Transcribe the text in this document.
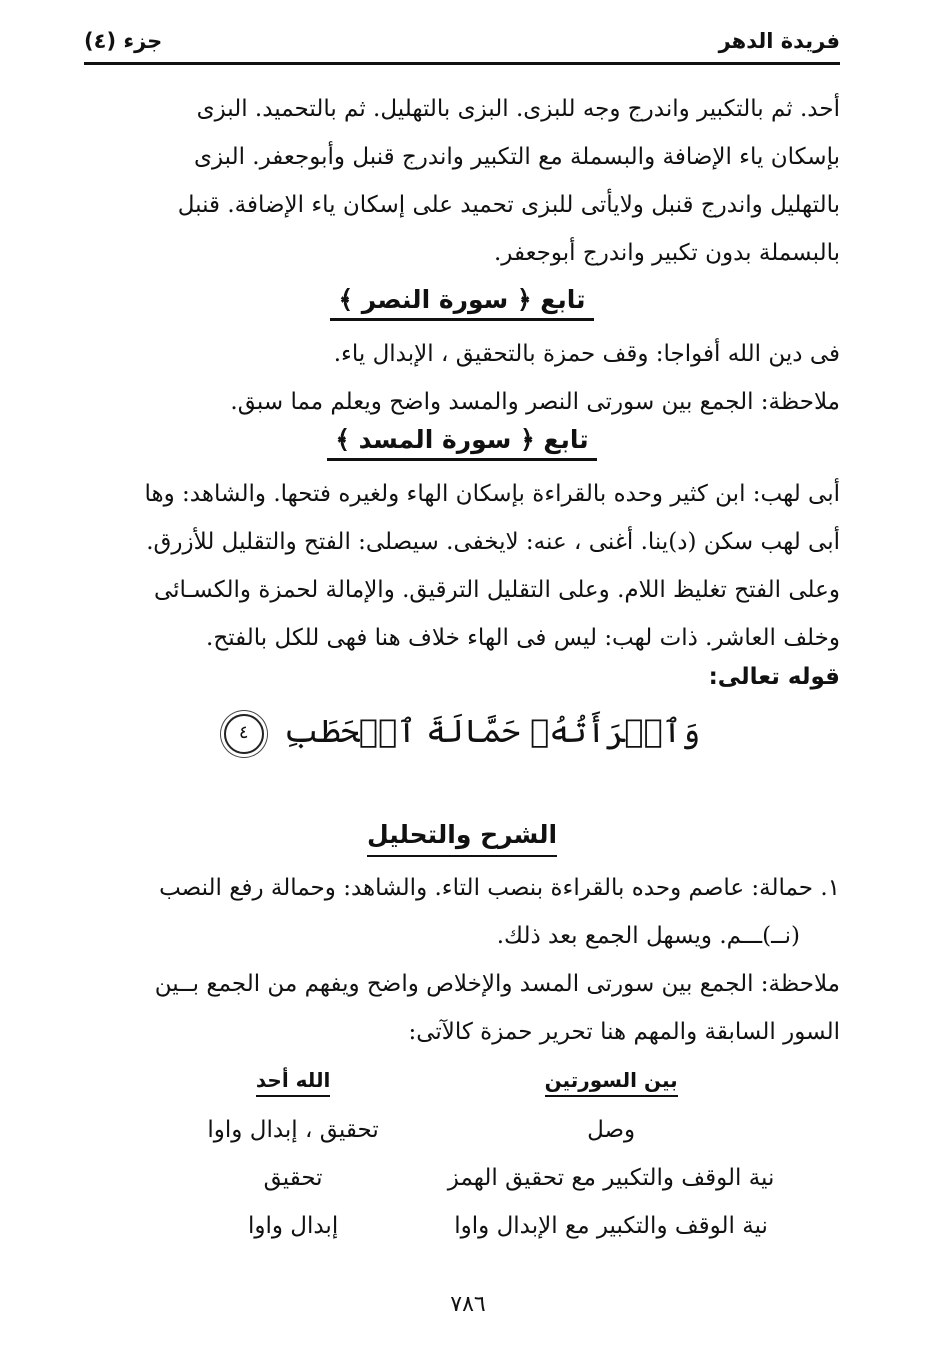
فريدة الدهر
جزء (٤)
أحد. ثم بالتكبير واندرج وجه للبزى. البزى بالتهليل. ثم بالتحميد. البزى
بإسكان ياء الإضافة والبسملة مع التكبير واندرج قنبل وأبوجعفر. البزى
بالتهليل واندرج قنبل ولايأتى للبزى تحميد على إسكان ياء الإضافة. قنبل
بالبسملة بدون تكبير واندرج أبوجعفر.
تابع ﴿ سورة النصر ﴾
فى دين الله أفواجا: وقف حمزة بالتحقيق ، الإبدال ياء.
ملاحظة: الجمع بين سورتى النصر والمسد واضح ويعلم مما سبق.
تابع ﴿ سورة المسد ﴾
أبى لهب: ابن كثير وحده بالقراءة بإسكان الهاء ولغيره فتحها. والشاهد: وها
أبى لهب سكن (د)ينا. أغنى ، عنه: لايخفى. سيصلى: الفتح والتقليل للأزرق.
وعلى الفتح تغليظ اللام. وعلى التقليل الترقيق. والإمالة لحمزة والكسـائى
وخلف العاشر. ذات لهب: ليس فى الهاء خلاف هنا فهى للكل بالفتح.
قوله تعالى:
وَٱمۡرَأَتُهُۥ حَمَّالَةَ ٱلۡحَطَبِ ٤
الشرح والتحليل
١. حمالة: عاصم وحده بالقراءة بنصب التاء. والشاهد: وحمالة رفع النصب
(نــ)ـــم. ويسهل الجمع بعد ذلك.
ملاحظة: الجمع بين سورتى المسد والإخلاص واضح ويفهم من الجمع بــين
السور السابقة والمهم هنا تحرير حمزة كالآتى:
بين السورتين
الله أحد
وصل
تحقيق ، إبدال واوا
نية الوقف والتكبير مع تحقيق الهمز
تحقيق
نية الوقف والتكبير مع الإبدال واوا
إبدال واوا
٧٨٦
